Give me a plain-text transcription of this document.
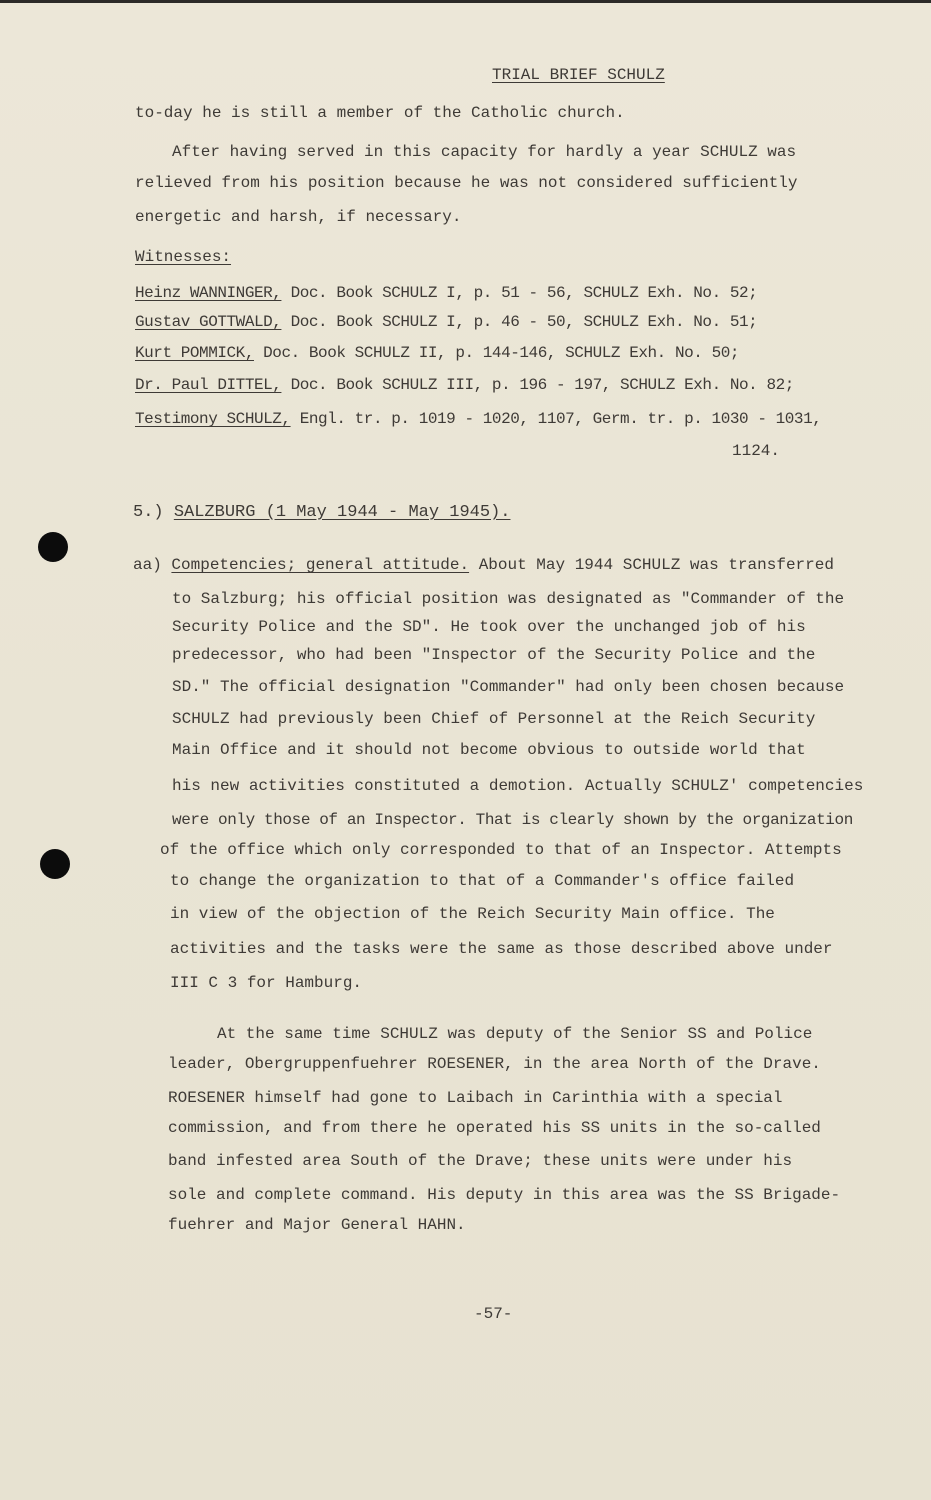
TRIAL BRIEF SCHULZ
to-day he is still a member of the Catholic church.
After having served in this capacity for hardly a year SCHULZ was
relieved from his position because he was not considered sufficiently
energetic and harsh, if necessary.
Witnesses:
Heinz WANNINGER, Doc. Book SCHULZ I, p. 51 - 56, SCHULZ Exh. No. 52;
Gustav GOTTWALD, Doc. Book SCHULZ I, p. 46 - 50, SCHULZ Exh. No. 51;
Kurt POMMICK, Doc. Book SCHULZ II, p. 144-146, SCHULZ Exh. No. 50;
Dr. Paul DITTEL, Doc. Book SCHULZ III, p. 196 - 197, SCHULZ Exh. No. 82;
Testimony SCHULZ, Engl. tr. p. 1019 - 1020, 1107, Germ. tr. p. 1030 - 1031,
1124.
5.) SALZBURG (1 May 1944 - May 1945).
aa) Competencies; general attitude. About May 1944 SCHULZ was transferred
to Salzburg; his official position was designated as "Commander of the
Security Police and the SD". He took over the unchanged job of his
predecessor, who had been "Inspector of the Security Police and the
SD." The official designation "Commander" had only been chosen because
SCHULZ had previously been Chief of Personnel at the Reich Security
Main Office and it should not become obvious to outside world that
his new activities constituted a demotion. Actually SCHULZ' competencies
were only those of an Inspector. That is clearly shown by the organization
of the office which only corresponded to that of an Inspector. Attempts
to change the organization to that of a Commander's office failed
in view of the objection of the Reich Security Main office. The
activities and the tasks were the same as those described above under
III C 3 for Hamburg.
At the same time SCHULZ was deputy of the Senior SS and Police
leader, Obergruppenfuehrer ROESENER, in the area North of the Drave.
ROESENER himself had gone to Laibach in Carinthia with a special
commission, and from there he operated his SS units in the so-called
band infested area South of the Drave; these units were under his
sole and complete command. His deputy in this area was the SS Brigade-
fuehrer and Major General HAHN.
-57-
